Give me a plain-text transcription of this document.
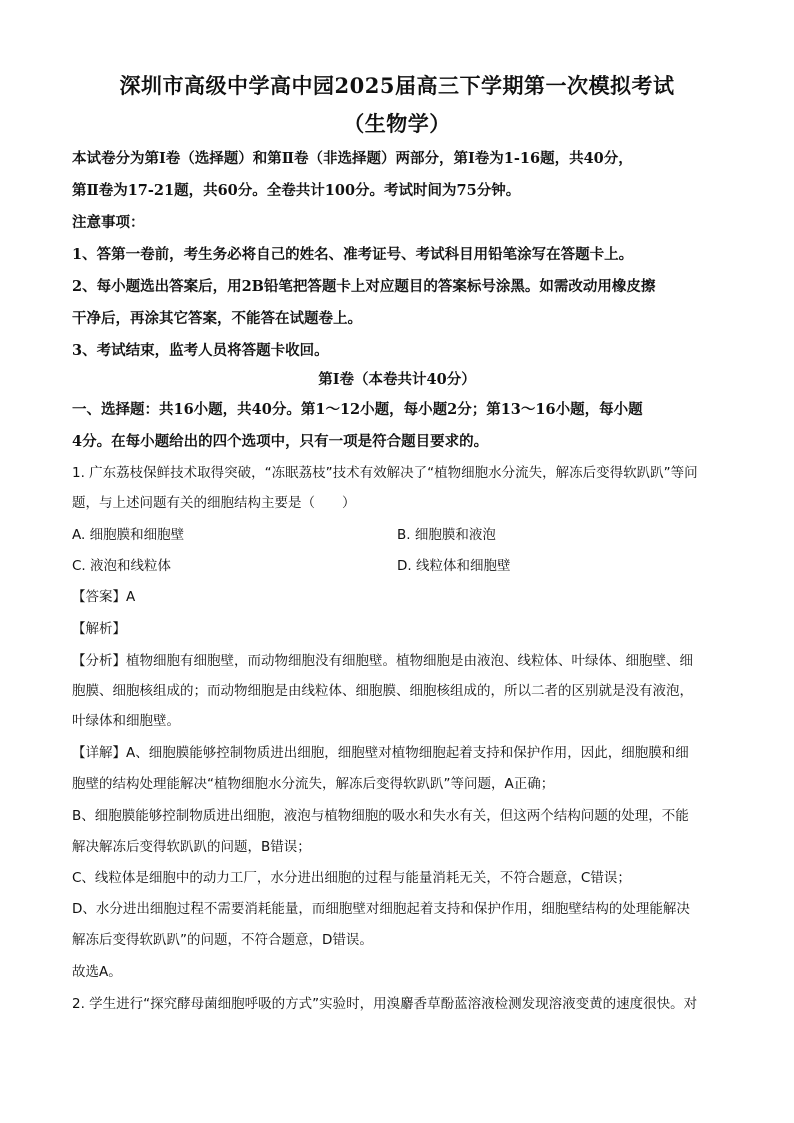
深圳市高级中学高中园2025届高三下学期第一次模拟考试
（生物学）
本试卷分为第Ⅰ卷（选择题）和第Ⅱ卷（非选择题）两部分，第Ⅰ卷为1-16题，共40分，
第Ⅱ卷为17-21题，共60分。全卷共计100分。考试时间为75分钟。
注意事项：
1、答第一卷前，考生务必将自己的姓名、准考证号、考试科目用铅笔涂写在答题卡上。
2、每小题选出答案后，用2B铅笔把答题卡上对应题目的答案标号涂黑。如需改动用橡皮擦
干净后，再涂其它答案，不能答在试题卷上。
3、考试结束，监考人员将答题卡收回。
第Ⅰ卷（本卷共计40分）
一、选择题：共16小题，共40分。第1～12小题，每小题2分；第13～16小题，每小题
4分。在每小题给出的四个选项中，只有一项是符合题目要求的。
1. 广东荔枝保鲜技术取得突破，“冻眠荔枝”技术有效解决了“植物细胞水分流失，解冻后变得软趴趴”等问
题，与上述问题有关的细胞结构主要是（　　）
A. 细胞膜和细胞壁	B. 细胞膜和液泡
C. 液泡和线粒体	D. 线粒体和细胞壁
【答案】A
【解析】
【分析】植物细胞有细胞壁，而动物细胞没有细胞壁。植物细胞是由液泡、线粒体、叶绿体、细胞壁、细
胞膜、细胞核组成的；而动物细胞是由线粒体、细胞膜、细胞核组成的，所以二者的区别就是没有液泡，
叶绿体和细胞壁。
【详解】A、细胞膜能够控制物质进出细胞，细胞壁对植物细胞起着支持和保护作用，因此，细胞膜和细
胞壁的结构处理能解决“植物细胞水分流失，解冻后变得软趴趴”等问题，A正确；
B、细胞膜能够控制物质进出细胞，液泡与植物细胞的吸水和失水有关，但这两个结构问题的处理，不能
解决解冻后变得软趴趴的问题，B错误；
C、线粒体是细胞中的动力工厂，水分进出细胞的过程与能量消耗无关，不符合题意，C错误；
D、水分进出细胞过程不需要消耗能量，而细胞壁对细胞起着支持和保护作用，细胞壁结构的处理能解决
解冻后变得软趴趴”的问题，不符合题意，D错误。
故选A。
2. 学生进行“探究酵母菌细胞呼吸的方式”实验时，用溴麝香草酚蓝溶液检测发现溶液变黄的速度很快。对
